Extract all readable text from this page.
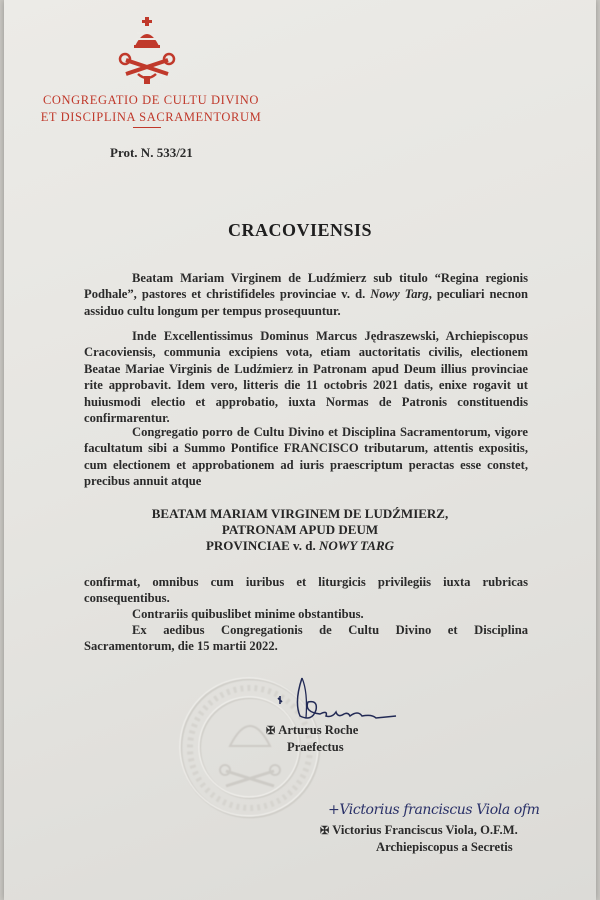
CONGREGATIO DE CULTU DIVINO
ET DISCIPLINA SACRAMENTORUM
Prot. N. 533/21
CRACOVIENSIS

Beatam Mariam Virginem de Ludźmierz sub titulo “Regina regionis Podhale”, pastores et christifideles provinciae v. d. Nowy Targ, peculiari necnon assiduo cultu longum per tempus prosequuntur.

Inde Excellentissimus Dominus Marcus Jędraszewski, Archiepiscopus Cracoviensis, communia excipiens vota, etiam auctoritatis civilis, electionem Beatae Mariae Virginis de Ludźmierz in Patronam apud Deum illius provinciae rite approbavit. Idem vero, litteris die 11 octobris 2021 datis, enixe rogavit ut huiusmodi electio et approbatio, iuxta Normas de Patronis constituendis confirmarentur.

Congregatio porro de Cultu Divino et Disciplina Sacramentorum, vigore facultatum sibi a Summo Pontifice FRANCISCO tributarum, attentis expositis, cum electionem et approbationem ad iuris praescriptum peractas esse constet, precibus annuit atque

BEATAM MARIAM VIRGINEM DE LUDŹMIERZ,
PATRONAM APUD DEUM
PROVINCIAE v. d. NOWY TARG

confirmat, omnibus cum iuribus et liturgicis privilegiis iuxta rubricas consequentibus.

Contrariis quibuslibet minime obstantibus.

Ex aedibus Congregationis de Cultu Divino et Disciplina Sacramentorum, die 15 martii 2022.

✠ Arturus Roche
Praefectus
+Victorius franciscus Viola ofm
✠ Victorius Franciscus Viola, O.F.M.
Archiepiscopus a Secretis
